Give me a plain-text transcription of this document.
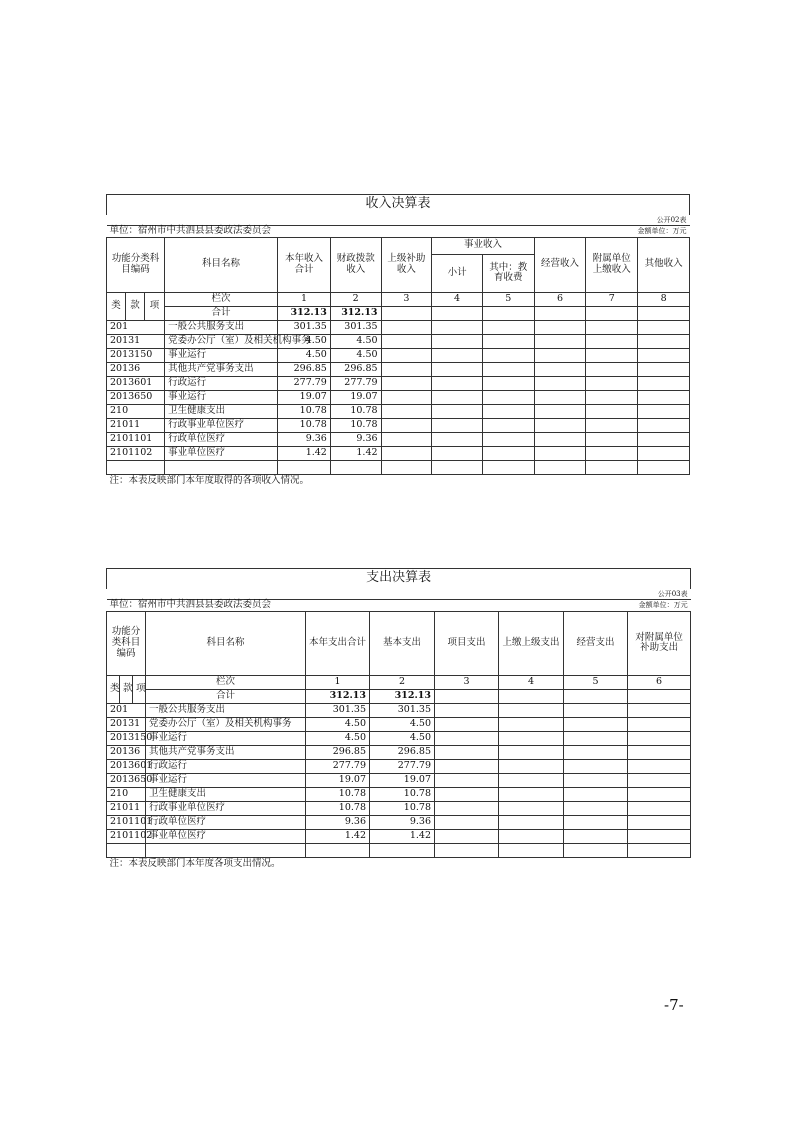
收入决算表											
公开02表											
单位：宿州市中共泗县县委政法委员会									金额单位：万元		
功能分类科目编码			科目名称	本年收入合计	财政拨款收入	上级补助收入	事业收入		经营收入	附属单位上缴收入	其他收入
							小计	其中：教育收费			
类	款	项	栏次	1	2	3	4	5	6	7	8
			合计	312.13	312.13						
201			一般公共服务支出	301.35	301.35						
20131			党委办公厅（室）及相关机构事务	4.50	4.50						
2013150			事业运行	4.50	4.50						
20136			其他共产党事务支出	296.85	296.85						
2013601			行政运行	277.79	277.79						
2013650			事业运行	19.07	19.07						
210			卫生健康支出	10.78	10.78						
21011			行政事业单位医疗	10.78	10.78						
2101101			行政单位医疗	9.36	9.36						
2101102			事业单位医疗	1.42	1.42						

注：本表反映部门本年度取得的各项收入情况。											
支出决算表									
公开03表									
单位：宿州市中共泗县县委政法委员会								金额单位：万元	
功能分类科目编码			科目名称	本年支出合计	基本支出	项目支出	上缴上级支出	经营支出	对附属单位补助支出
类	款	项	栏次	1	2	3	4	5	6
			合计	312.13	312.13				
201			一般公共服务支出	301.35	301.35				
20131			党委办公厅（室）及相关机构事务	4.50	4.50				
2013150			事业运行	4.50	4.50				
20136			其他共产党事务支出	296.85	296.85				
2013601			行政运行	277.79	277.79				
2013650			事业运行	19.07	19.07				
210			卫生健康支出	10.78	10.78				
21011			行政事业单位医疗	10.78	10.78				
2101101			行政单位医疗	9.36	9.36				
2101102			事业单位医疗	1.42	1.42				

注：本表反映部门本年度各项支出情况。									
-7-
